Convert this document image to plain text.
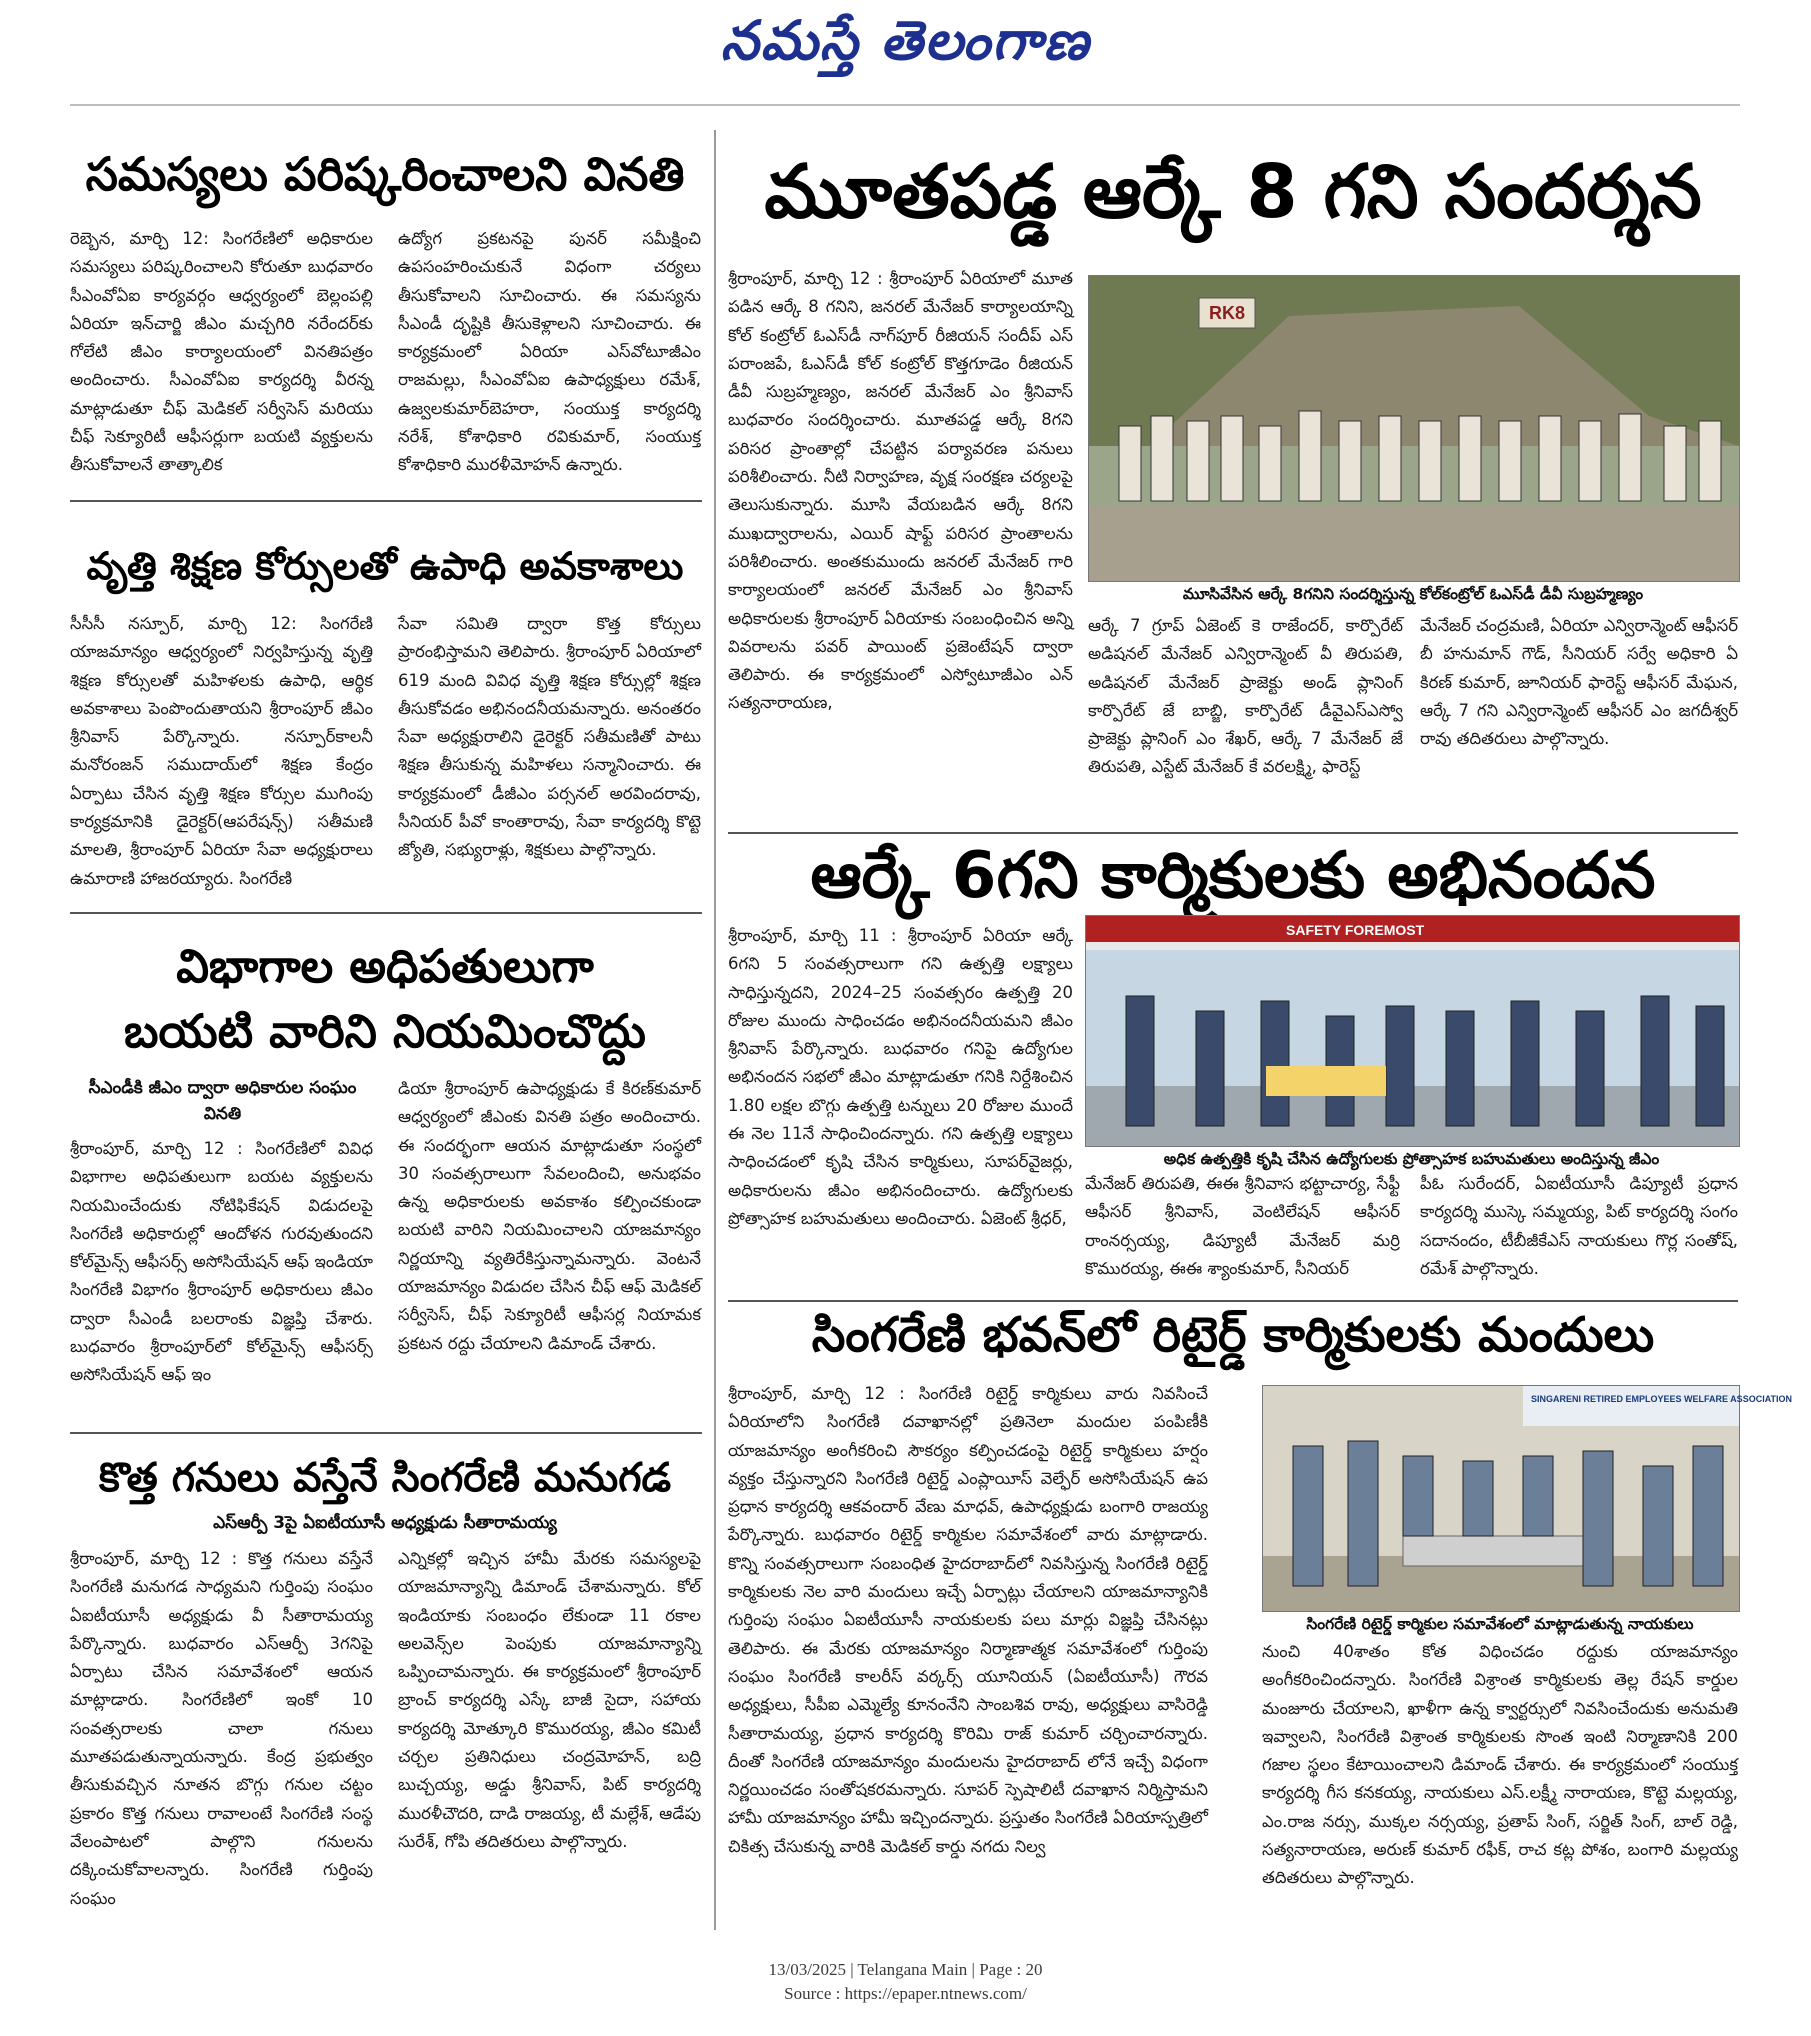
నమస్తే తెలంగాణ
సమస్యలు పరిష్కరించాలని వినతి
రెబ్బెన, మార్చి 12: సింగరేణిలో అధికారుల సమస్యలు పరిష్కరించాలని కోరుతూ బుధవారం సీఎంవోఏఐ కార్యవర్గం ఆధ్వర్యంలో బెల్లంపల్లి ఏరియా ఇన్‌చార్జి జీఎం మచ్చగిరి నరేందర్‌కు గోలేటి జీఎం కార్యాలయంలో వినతిపత్రం అందించారు. సీఎంవోఏఐ కార్యదర్శి వీరన్న మాట్లాడుతూ చీఫ్ మెడికల్ సర్వీసెస్ మరియు చీఫ్ సెక్యూరిటీ ఆఫీసర్లుగా బయటి వ్యక్తులను తీసుకోవాలనే తాత్కాలిక
ఉద్యోగ ప్రకటనపై పునర్ సమీక్షించి ఉపసంహరించుకునే విధంగా చర్యలు తీసుకోవాలని సూచించారు. ఈ సమస్యను సీఎండీ దృష్టికి తీసుకెళ్లాలని సూచించారు. ఈ కార్యక్రమంలో ఏరియా ఎస్‌వోటూజీఎం రాజమల్లు, సీఎంవోఏఐ ఉపాధ్యక్షులు రమేశ్, ఉజ్వలకుమార్‌బెహరా, సంయుక్త కార్యదర్శి నరేశ్, కోశాధికారి రవికుమార్, సంయుక్త కోశాధికారి మురళీమోహన్ ఉన్నారు.
వృత్తి శిక్షణ కోర్సులతో ఉపాధి అవకాశాలు
సీసీసీ నస్పూర్, మార్చి 12: సింగరేణి యాజమాన్యం ఆధ్వర్యంలో నిర్వహిస్తున్న వృత్తి శిక్షణ కోర్సులతో మహిళలకు ఉపాధి, ఆర్థిక అవకాశాలు పెంపొందుతాయని శ్రీరాంపూర్ జీఎం శ్రీనివాస్ పేర్కొన్నారు. నస్పూర్‌కాలనీ మనోరంజన్ సముదాయ్‌లో శిక్షణ కేంద్రం ఏర్పాటు చేసిన వృత్తి శిక్షణ కోర్సుల ముగింపు కార్యక్రమానికి డైరెక్టర్(ఆపరేషన్స్) సతీమణి మాలతి, శ్రీరాంపూర్ ఏరియా సేవా అధ్యక్షురాలు ఉమారాణి హాజరయ్యారు. సింగరేణి
సేవా సమితి ద్వారా కొత్త కోర్సులు ప్రారంభిస్తామని తెలిపారు. శ్రీరాంపూర్ ఏరియాలో 619 మంది వివిధ వృత్తి శిక్షణ కోర్సుల్లో శిక్షణ తీసుకోవడం అభినందనీయమన్నారు. అనంతరం సేవా అధ్యక్షురాలిని డైరెక్టర్ సతీమణితో పాటు శిక్షణ తీసుకున్న మహిళలు సన్మానించారు. ఈ కార్యక్రమంలో డీజీఎం పర్సనల్ అరవిందరావు, సీనియర్ పీవో కాంతారావు, సేవా కార్యదర్శి కొట్టె జ్యోతి, సభ్యురాళ్లు, శిక్షకులు పాల్గొన్నారు.
విభాగాల అధిపతులుగా
బయటి వారిని నియమించొద్దు
సీఎండీకి జీఎం ద్వారా అధికారుల సంఘం వినతి
శ్రీరాంపూర్, మార్చి 12 : సింగరేణిలో వివిధ విభాగాల అధిపతులుగా బయట వ్యక్తులను నియమించేందుకు నోటిఫికేషన్ విడుదలపై సింగరేణి అధికారుల్లో ఆందోళన గురవుతుందని కోల్‌మైన్స్ ఆఫీసర్స్ అసోసియేషన్ ఆఫ్ ఇండియా సింగరేణి విభాగం శ్రీరాంపూర్ అధికారులు జీఎం ద్వారా సీఎండీ బలరాంకు విజ్ఞప్తి చేశారు. బుధవారం శ్రీరాంపూర్‌లో కోల్‌మైన్స్ ఆఫీసర్స్ అసోసియేషన్ ఆఫ్ ఇం
డియా శ్రీరాంపూర్ ఉపాధ్యక్షుడు కే కిరణ్‌కుమార్ ఆధ్వర్యంలో జీఎంకు వినతి పత్రం అందించారు. ఈ సందర్భంగా ఆయన మాట్లాడుతూ సంస్థలో 30 సంవత్సరాలుగా సేవలందించి, అనుభవం ఉన్న అధికారులకు అవకాశం కల్పించకుండా బయటి వారిని నియమించాలని యాజమాన్యం నిర్ణయాన్ని వ్యతిరేకిస్తున్నామన్నారు. వెంటనే యాజమాన్యం విడుదల చేసిన చీఫ్ ఆఫ్ మెడికల్ సర్వీసెస్, చీఫ్ సెక్యూరిటీ ఆఫీసర్ల నియామక ప్రకటన రద్దు చేయాలని డిమాండ్ చేశారు.
కొత్త గనులు వస్తేనే సింగరేణి మనుగడ
ఎస్‌ఆర్పీ 3పై ఏఐటీయూసీ అధ్యక్షుడు సీతారామయ్య
శ్రీరాంపూర్, మార్చి 12 : కొత్త గనులు వస్తేనే సింగరేణి మనుగడ సాధ్యమని గుర్తింపు సంఘం ఏఐటీయూసీ అధ్యక్షుడు వీ సీతారామయ్య పేర్కొన్నారు. బుధవారం ఎస్‌ఆర్పీ 3గనిపై ఏర్పాటు చేసిన సమావేశంలో ఆయన మాట్లాడారు. సింగరేణిలో ఇంకో 10 సంవత్సరాలకు చాలా గనులు మూతపడుతున్నాయన్నారు. కేంద్ర ప్రభుత్వం తీసుకువచ్చిన నూతన బొగ్గు గనుల చట్టం ప్రకారం కొత్త గనులు రావాలంటే సింగరేణి సంస్థ వేలంపాటలో పాల్గొని గనులను దక్కించుకోవాలన్నారు. సింగరేణి గుర్తింపు సంఘం
ఎన్నికల్లో ఇచ్చిన హామీ మేరకు సమస్యలపై యాజమాన్యాన్ని డిమాండ్ చేశామన్నారు. కోల్ ఇండియాకు సంబంధం లేకుండా 11 రకాల అలవెన్స్‌ల పెంపుకు యాజమాన్యాన్ని ఒప్పించామన్నారు. ఈ కార్యక్రమంలో శ్రీరాంపూర్ బ్రాంచ్ కార్యదర్శి ఎస్కే బాజీ సైదా, సహాయ కార్యదర్శి మోత్కూరి కొమురయ్య, జీఎం కమిటీ చర్చల ప్రతినిధులు చంద్రమోహన్, బద్రి బుచ్చయ్య, అడ్డు శ్రీనివాస్, పిట్ కార్యదర్శి మురళీచౌదరి, దాడి రాజయ్య, టీ మల్లేశ్, ఆడేపు సురేశ్, గోపి తదితరులు పాల్గొన్నారు.
మూతపడ్డ ఆర్కే 8 గని సందర్శన
శ్రీరాంపూర్, మార్చి 12 : శ్రీరాంపూర్ ఏరియాలో మూత పడిన ఆర్కే 8 గనిని, జనరల్ మేనేజర్ కార్యాలయాన్ని కోల్ కంట్రోల్ ఓఎస్‌డీ నాగ్‌పూర్ రీజియన్ సందీప్ ఎస్ పరాంజపే, ఓఎస్‌డీ కోల్ కంట్రోల్ కొత్తగూడెం రీజియన్ డీవీ సుబ్రహ్మణ్యం, జనరల్ మేనేజర్ ఎం శ్రీనివాస్ బుధవారం సందర్శించారు. మూతపడ్డ ఆర్కే 8గని పరిసర ప్రాంతాల్లో చేపట్టిన పర్యావరణ పనులు పరిశీలించారు. నీటి నిర్వాహణ, వృక్ష సంరక్షణ చర్యలపై తెలుసుకున్నారు. మూసి వేయబడిన ఆర్కే 8గని ముఖద్వారాలను, ఎయిర్ షాఫ్ట్ పరిసర ప్రాంతాలను పరిశీలించారు. అంతకుముందు జనరల్ మేనేజర్ గారి కార్యాలయంలో జనరల్ మేనేజర్ ఎం శ్రీనివాస్ అధికారులకు శ్రీరాంపూర్ ఏరియాకు సంబంధించిన అన్ని వివరాలను పవర్ పాయింట్ ప్రజెంటేషన్ ద్వారా తెలిపారు. ఈ కార్యక్రమంలో ఎస్వోటూజీఎం ఎన్ సత్యనారాయణ,
RK8
మూసివేసిన ఆర్కే 8గనిని సందర్శిస్తున్న కోల్‌కంట్రోల్ ఓఎస్‌డీ డీవీ సుబ్రహ్మణ్యం
ఆర్కే 7 గ్రూప్ ఏజెంట్ కె రాజేందర్, కార్పొరేట్ అడిషనల్ మేనేజర్ ఎన్విరాన్మెంట్ వీ తిరుపతి, అడిషనల్ మేనేజర్ ప్రాజెక్టు అండ్ ప్లానింగ్ కార్పొరేట్ జే బాబ్జి, కార్పొరేట్ డీవైఎస్ఎస్వో ప్రాజెక్టు ప్లానింగ్ ఎం శేఖర్, ఆర్కే 7 మేనేజర్ జే తిరుపతి, ఎస్టేట్ మేనేజర్ కే వరలక్ష్మి, ఫారెస్ట్
మేనేజర్ చంద్రమణి, ఏరియా ఎన్విరాన్మెంట్ ఆఫీసర్ బీ హనుమాన్ గౌడ్, సీనియర్ సర్వే అధికారి ఏ కిరణ్ కుమార్, జూనియర్ ఫారెస్ట్ ఆఫీసర్ మేఘన, ఆర్కే 7 గని ఎన్విరాన్మెంట్ ఆఫీసర్ ఎం జగదీశ్వర్ రావు తదితరులు పాల్గొన్నారు.
ఆర్కే 6గని కార్మికులకు అభినందన
శ్రీరాంపూర్, మార్చి 11 : శ్రీరాంపూర్ ఏరియా ఆర్కే 6గని 5 సంవత్సరాలుగా గని ఉత్పత్తి లక్ష్యాలు సాధిస్తున్నదని, 2024–25 సంవత్సరం ఉత్పత్తి 20 రోజుల ముందు సాధించడం అభినందనీయమని జీఎం శ్రీనివాస్ పేర్కొన్నారు. బుధవారం గనిపై ఉద్యోగుల అభినందన సభలో జీఎం మాట్లాడుతూ గనికి నిర్దేశించిన 1.80 లక్షల బొగ్గు ఉత్పత్తి టన్నులు 20 రోజుల ముందే ఈ నెల 11నే సాధించిందన్నారు. గని ఉత్పత్తి లక్ష్యాలు సాధించడంలో కృషి చేసిన కార్మికులు, సూపర్‌వైజర్లు, అధికారులను జీఎం అభినందించారు. ఉద్యోగులకు ప్రోత్సాహక బహుమతులు అందించారు. ఏజెంట్ శ్రీధర్,
SAFETY FOREMOST
అధిక ఉత్పత్తికి కృషి చేసిన ఉద్యోగులకు ప్రోత్సాహక బహుమతులు అందిస్తున్న జీఎం
మేనేజర్ తిరుపతి, ఈఈ శ్రీనివాస భట్టాచార్య, సేఫ్టీ ఆఫీసర్ శ్రీనివాస్, వెంటిలేషన్ ఆఫీసర్ రాంనర్సయ్య, డిప్యూటీ మేనేజర్ మర్రి కొమురయ్య, ఈఈ శ్యాంకుమార్, సీనియర్
పీఓ సురేందర్, ఏఐటీయూసీ డిప్యూటీ ప్రధాన కార్యదర్శి ముస్కె సమ్మయ్య, పిట్ కార్యదర్శి సంగం సదానందం, టీబీజీకేఎస్ నాయకులు గొర్ల సంతోష్, రమేశ్ పాల్గొన్నారు.
సింగరేణి భవన్‌లో రిటైర్డ్ కార్మికులకు మందులు
శ్రీరాంపూర్, మార్చి 12 : సింగరేణి రిటైర్డ్ కార్మికులు వారు నివసించే ఏరియాలోని సింగరేణి దవాఖానల్లో ప్రతినెలా మందుల పంపిణీకి యాజమాన్యం అంగీకరించి సౌకర్యం కల్పించడంపై రిటైర్డ్ కార్మికులు హర్షం వ్యక్తం చేస్తున్నారని సింగరేణి రిటైర్డ్ ఎంప్లాయీస్ వెల్ఫేర్ అసోసియేషన్ ఉప ప్రధాన కార్యదర్శి ఆకవందార్ వేణు మాధవ్, ఉపాధ్యక్షుడు బంగారి రాజయ్య పేర్కొన్నారు. బుధవారం రిటైర్డ్ కార్మికుల సమావేశంలో వారు మాట్లాడారు. కొన్ని సంవత్సరాలుగా సంబంధిత హైదరాబాద్‌లో నివసిస్తున్న సింగరేణి రిటైర్డ్ కార్మికులకు నెల వారి మందులు ఇచ్చే ఏర్పాట్లు చేయాలని యాజమాన్యానికి గుర్తింపు సంఘం ఏఐటీయూసీ నాయకులకు పలు మార్లు విజ్ఞప్తి చేసినట్లు తెలిపారు. ఈ మేరకు యాజమాన్యం నిర్మాణాత్మక సమావేశంలో గుర్తింపు సంఘం సింగరేణి కాలరీస్ వర్కర్స్ యూనియన్ (ఏఐటీయూసీ) గౌరవ అధ్యక్షులు, సీపీఐ ఎమ్మెల్యే కూనంనేని సాంబశివ రావు, అధ్యక్షులు వాసిరెడ్డి సీతారామయ్య, ప్రధాన కార్యదర్శి కొరిమి రాజ్ కుమార్ చర్చించారన్నారు. దీంతో సింగరేణి యాజమాన్యం మందులను హైదరాబాద్ లోనే ఇచ్చే విధంగా నిర్ణయించడం సంతోషకరమన్నారు. సూపర్ స్పెషాలిటీ దవాఖాన నిర్మిస్తామని హామీ యాజమాన్యం హామీ ఇచ్చిందన్నారు. ప్రస్తుతం సింగరేణి ఏరియాస్పత్రిలో చికిత్స చేసుకున్న వారికి మెడికల్ కార్డు నగదు నిల్వ
SINGARENI RETIRED EMPLOYEES WELFARE ASSOCIATION
సింగరేణి రిటైర్డ్ కార్మికుల సమావేశంలో మాట్లాడుతున్న నాయకులు
నుంచి 40శాతం కోత విధించడం రద్దుకు యాజమాన్యం అంగీకరించిందన్నారు. సింగరేణి విశ్రాంత కార్మికులకు తెల్ల రేషన్ కార్డుల మంజూరు చేయాలని, ఖాళీగా ఉన్న క్వార్టర్సులో నివసించేందుకు అనుమతి ఇవ్వాలని, సింగరేణి విశ్రాంత కార్మికులకు సొంత ఇంటి నిర్మాణానికి 200 గజాల స్థలం కేటాయించాలని డిమాండ్ చేశారు. ఈ కార్యక్రమంలో సంయుక్త కార్యదర్శి గీస కనకయ్య, నాయకులు ఎస్.లక్ష్మీ నారాయణ, కొట్టె మల్లయ్య, ఎం.రాజ నర్సు, ముక్కల నర్సయ్య, ప్రతాప్ సింగ్, సర్జిత్ సింగ్, బాల్ రెడ్డి, సత్యనారాయణ, అరుణ్ కుమార్ రఫీక్, రాచ కట్ల పోశం, బంగారి మల్లయ్య తదితరులు పాల్గొన్నారు.
13/03/2025 | Telangana Main | Page : 20
Source : https://epaper.ntnews.com/
